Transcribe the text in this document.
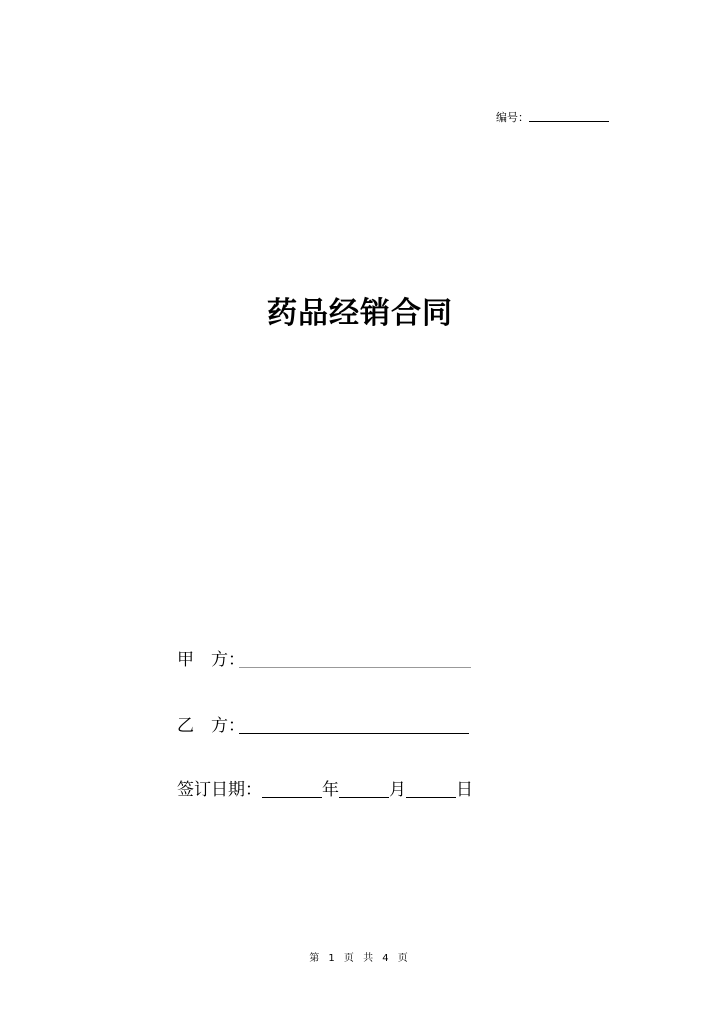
编号：
药品经销合同
甲 方：
乙 方：
签订日期：	年	月	日
第 1 页 共 4 页
